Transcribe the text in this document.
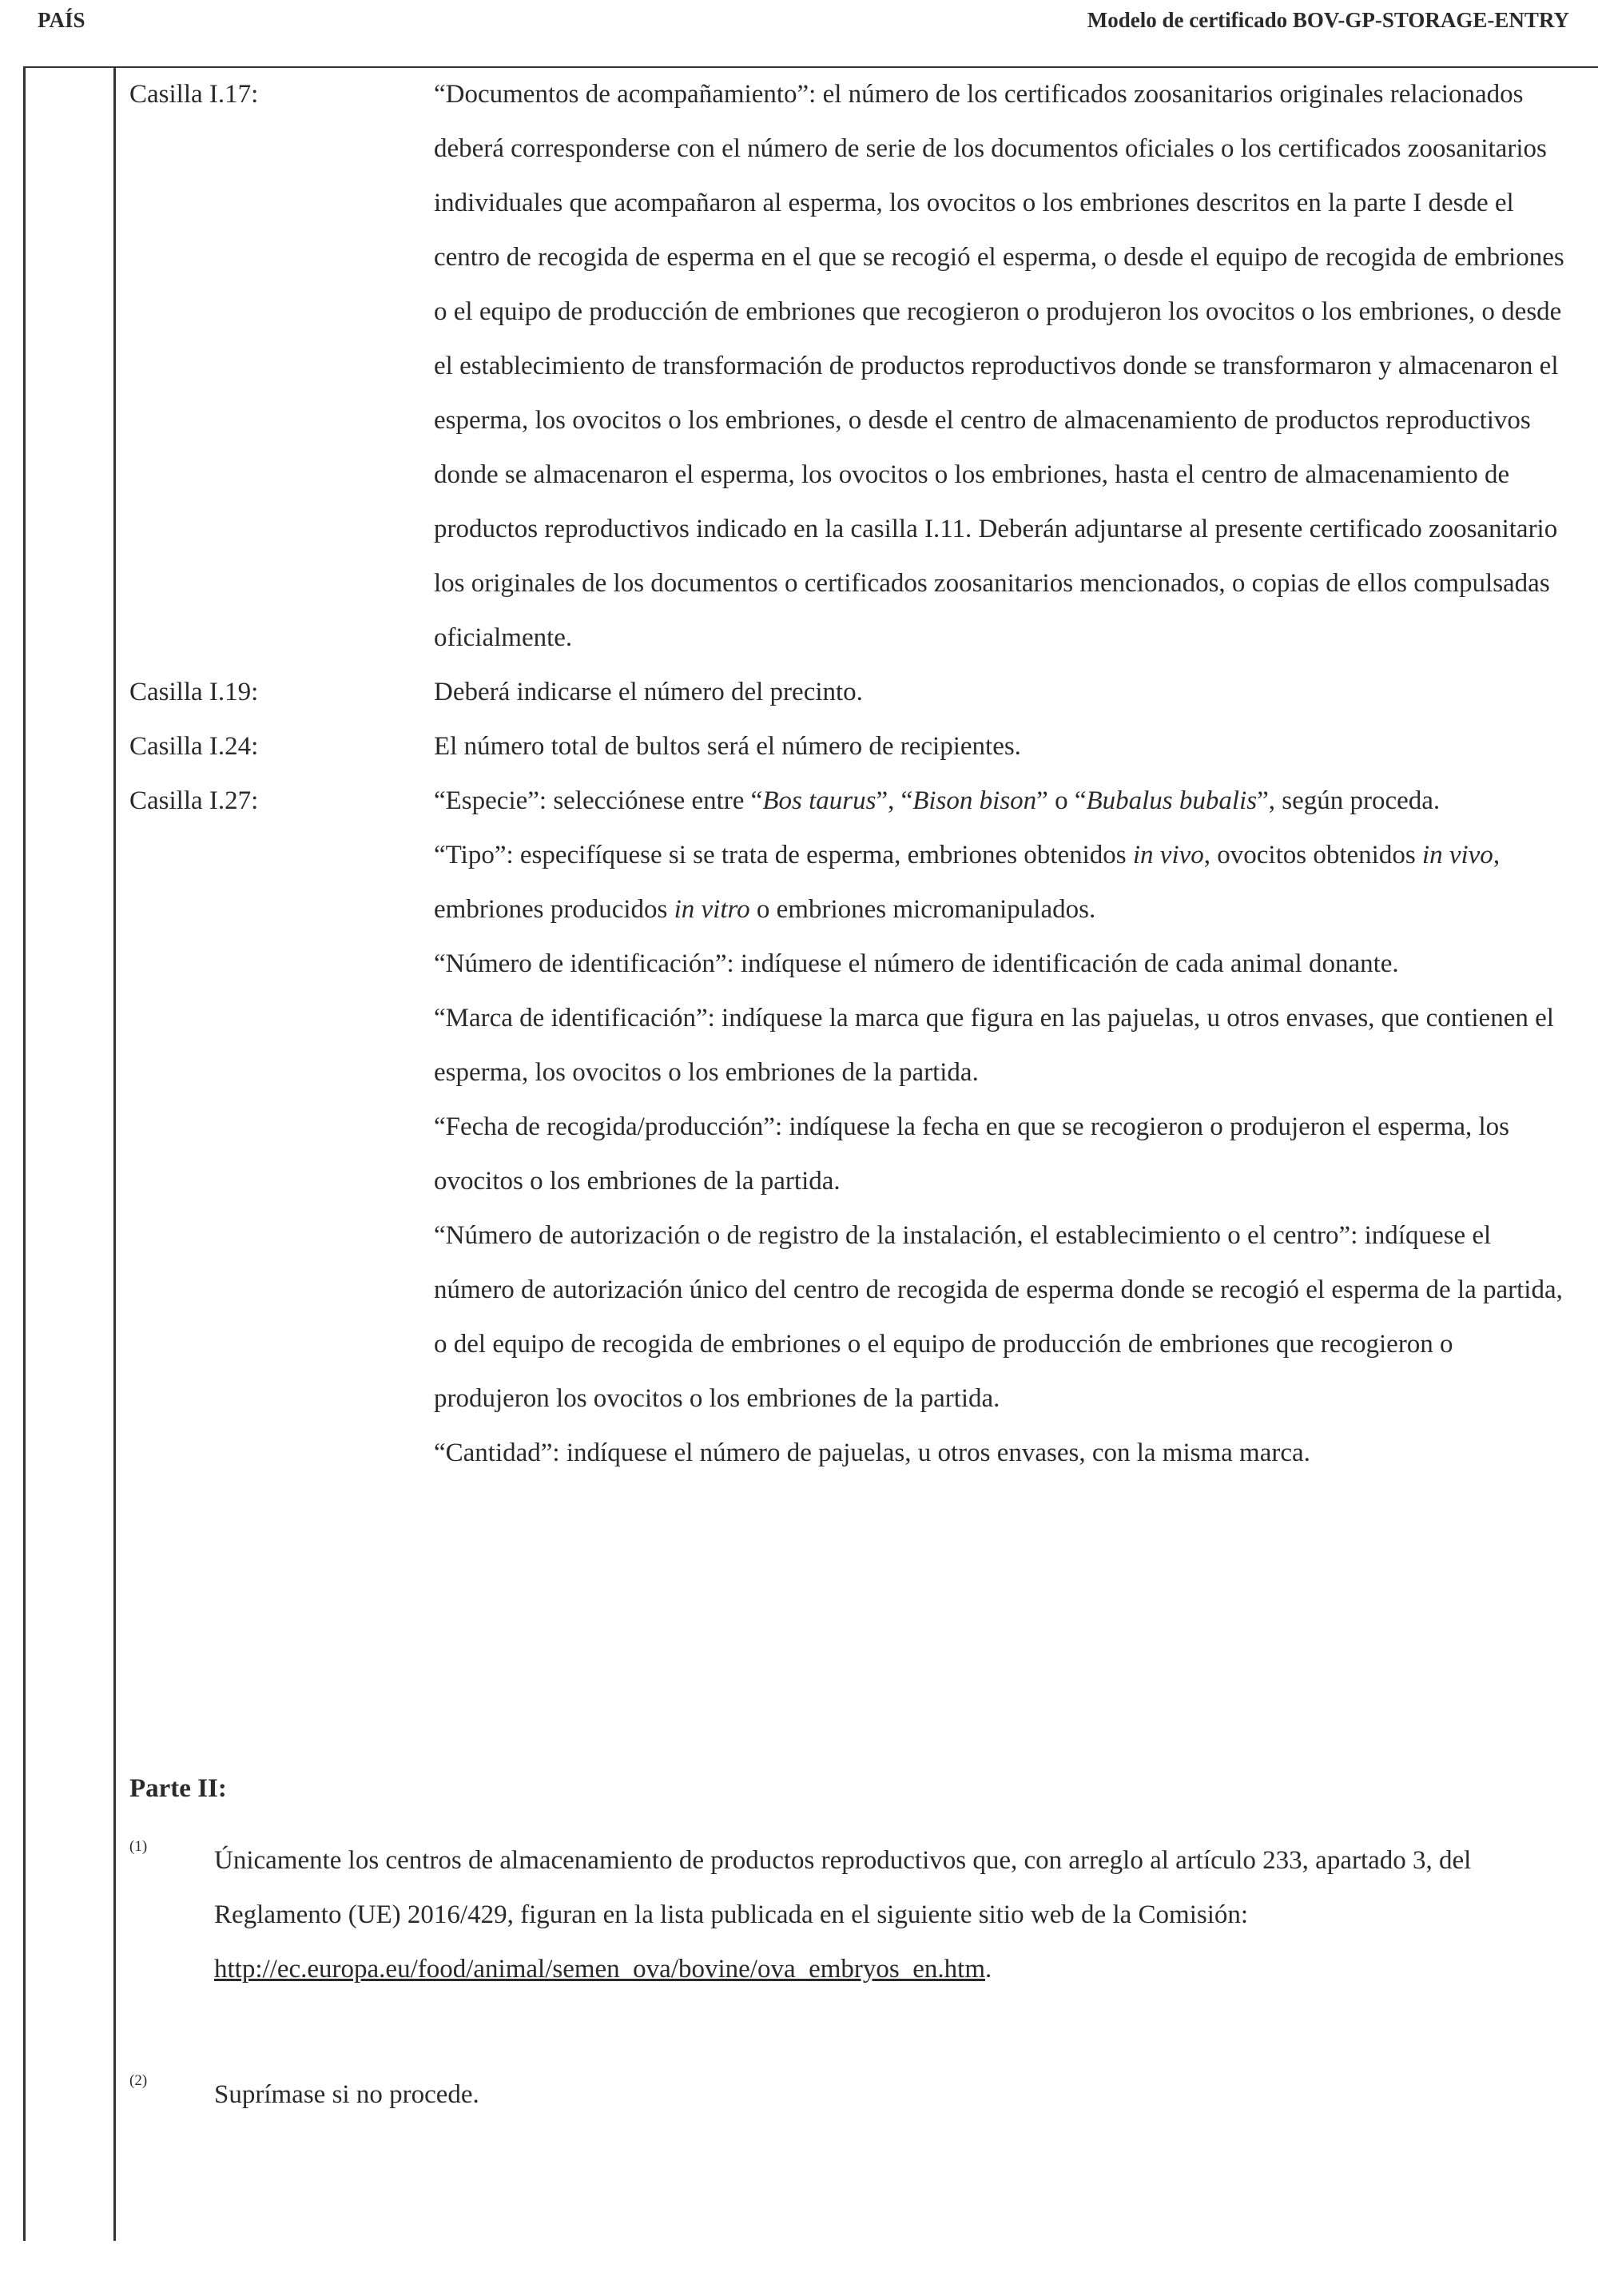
PAÍS	Modelo de certificado BOV-GP-STORAGE-ENTRY
Casilla I.17:	“Documentos de acompañamiento”: el número de los certificados zoosanitarios originales relacionados deberá corresponderse con el número de serie de los documentos oficiales o los certificados zoosanitarios individuales que acompañaron al esperma, los ovocitos o los embriones descritos en la parte I desde el centro de recogida de esperma en el que se recogió el esperma, o desde el equipo de recogida de embriones o el equipo de producción de embriones que recogieron o produjeron los ovocitos o los embriones, o desde el establecimiento de transformación de productos reproductivos donde se transformaron y almacenaron el esperma, los ovocitos o los embriones, o desde el centro de almacenamiento de productos reproductivos donde se almacenaron el esperma, los ovocitos o los embriones, hasta el centro de almacenamiento de productos reproductivos indicado en la casilla I.11. Deberán adjuntarse al presente certificado zoosanitario los originales de los documentos o certificados zoosanitarios mencionados, o copias de ellos compulsadas oficialmente.
Casilla I.19:	Deberá indicarse el número del precinto.
Casilla I.24:	El número total de bultos será el número de recipientes.
Casilla I.27:	“Especie”: selecciónese entre “Bos taurus”, “Bison bison” o “Bubalus bubalis”, según proceda.
“Tipo”: especifíquese si se trata de esperma, embriones obtenidos in vivo, ovocitos obtenidos in vivo, embriones producidos in vitro o embriones micromanipulados.
“Número de identificación”: indíquese el número de identificación de cada animal donante.
“Marca de identificación”: indíquese la marca que figura en las pajuelas, u otros envases, que contienen el esperma, los ovocitos o los embriones de la partida.
“Fecha de recogida/producción”: indíquese la fecha en que se recogieron o produjeron el esperma, los ovocitos o los embriones de la partida.
“Número de autorización o de registro de la instalación, el establecimiento o el centro”: indíquese el número de autorización único del centro de recogida de esperma donde se recogió el esperma de la partida, o del equipo de recogida de embriones o el equipo de producción de embriones que recogieron o produjeron los ovocitos o los embriones de la partida.
“Cantidad”: indíquese el número de pajuelas, u otros envases, con la misma marca.
Parte II:
(1)	Únicamente los centros de almacenamiento de productos reproductivos que, con arreglo al artículo 233, apartado 3, del Reglamento (UE) 2016/429, figuran en la lista publicada en el siguiente sitio web de la Comisión:
http://ec.europa.eu/food/animal/semen_ova/bovine/ova_embryos_en.htm.
(2)	Suprímase si no procede.
